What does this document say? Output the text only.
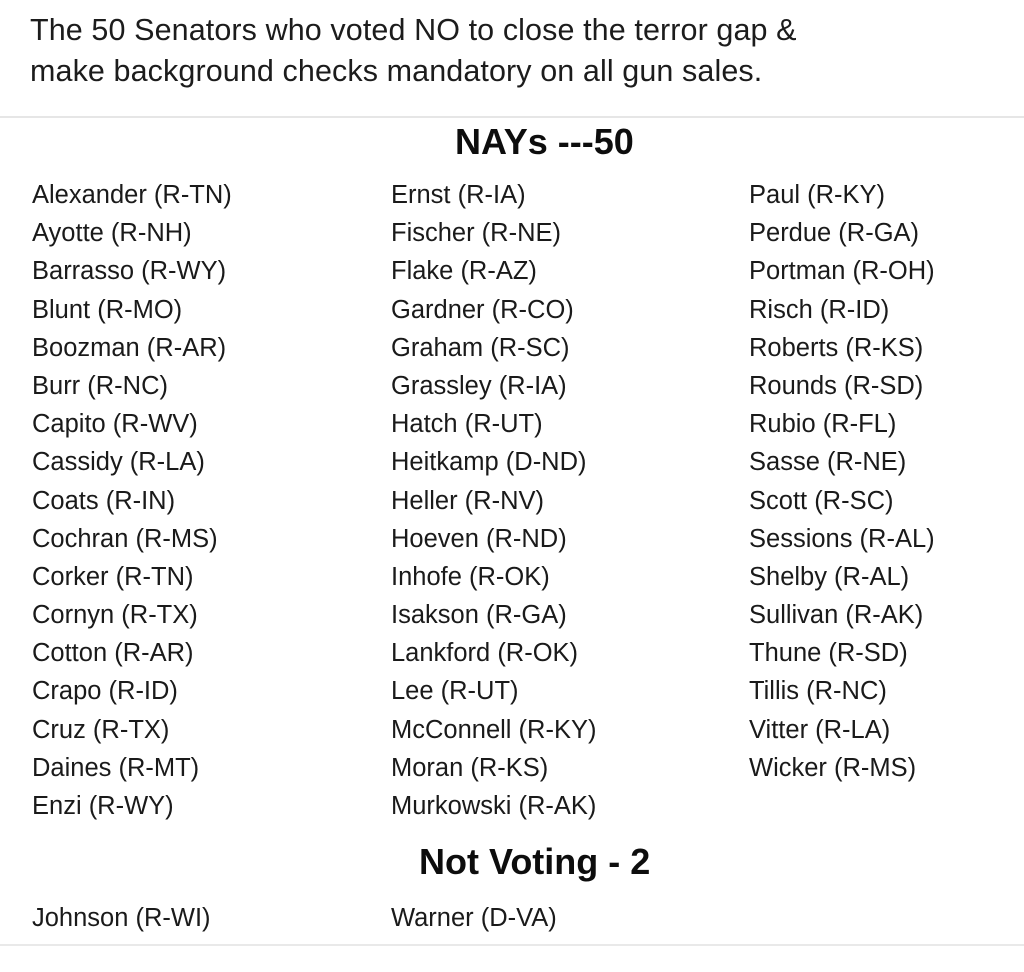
The 50 Senators who voted NO to close the terror gap &
make background checks mandatory on all gun sales.
NAYs ---50
Alexander (R-TN)
Ayotte (R-NH)
Barrasso (R-WY)
Blunt (R-MO)
Boozman (R-AR)
Burr (R-NC)
Capito (R-WV)
Cassidy (R-LA)
Coats (R-IN)
Cochran (R-MS)
Corker (R-TN)
Cornyn (R-TX)
Cotton (R-AR)
Crapo (R-ID)
Cruz (R-TX)
Daines (R-MT)
Enzi (R-WY)
Ernst (R-IA)
Fischer (R-NE)
Flake (R-AZ)
Gardner (R-CO)
Graham (R-SC)
Grassley (R-IA)
Hatch (R-UT)
Heitkamp (D-ND)
Heller (R-NV)
Hoeven (R-ND)
Inhofe (R-OK)
Isakson (R-GA)
Lankford (R-OK)
Lee (R-UT)
McConnell (R-KY)
Moran (R-KS)
Murkowski (R-AK)
Paul (R-KY)
Perdue (R-GA)
Portman (R-OH)
Risch (R-ID)
Roberts (R-KS)
Rounds (R-SD)
Rubio (R-FL)
Sasse (R-NE)
Scott (R-SC)
Sessions (R-AL)
Shelby (R-AL)
Sullivan (R-AK)
Thune (R-SD)
Tillis (R-NC)
Vitter (R-LA)
Wicker (R-MS)
Not Voting - 2
Johnson (R-WI)	Warner (D-VA)
